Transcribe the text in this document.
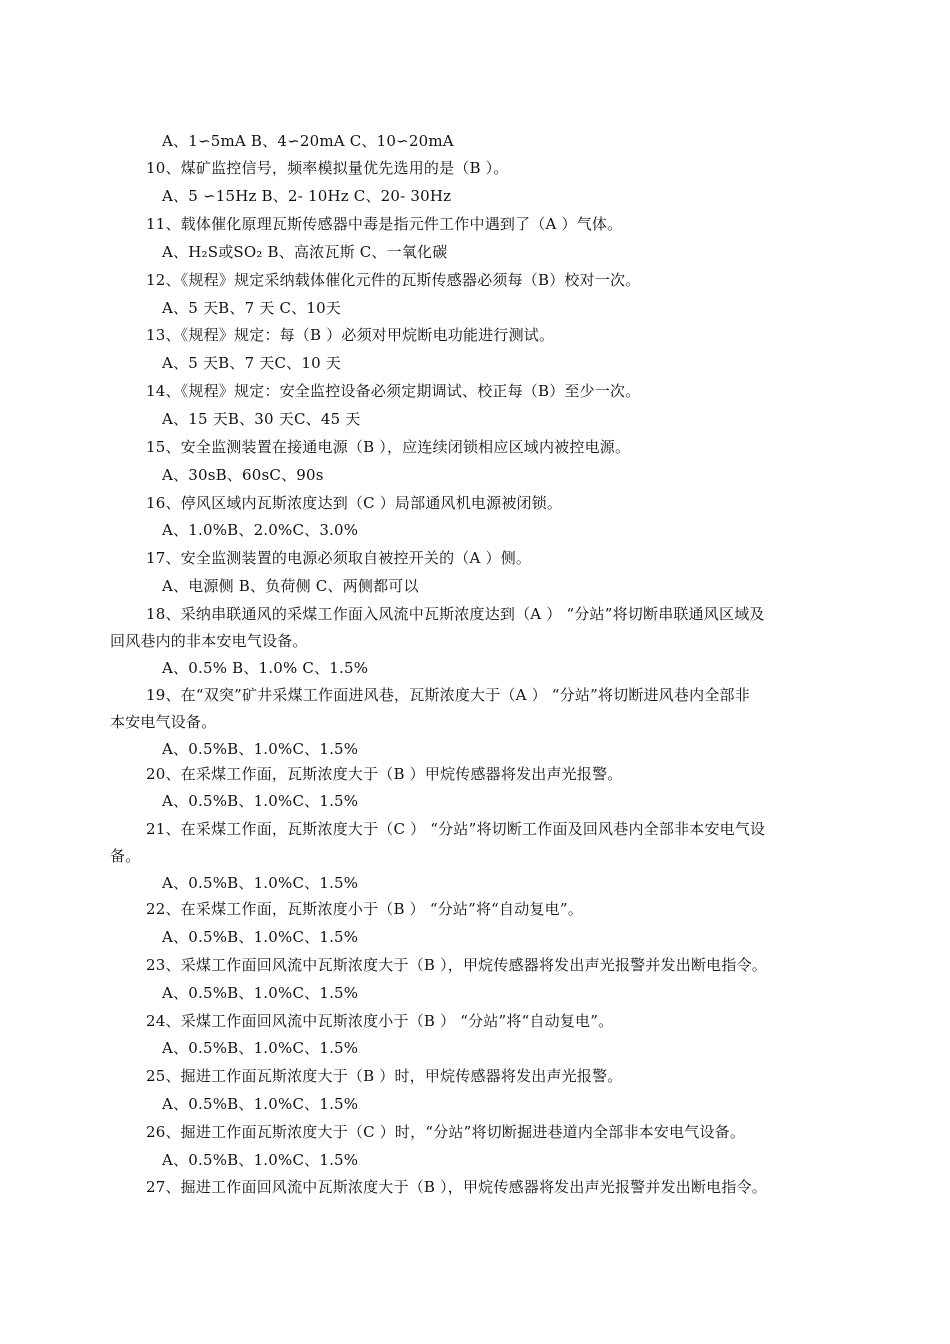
A、1∽5mA B、4∽20mA C、10∽20mA
10、煤矿监控信号，频率模拟量优先选用的是（B ）。
A、5 ∽15Hz B、2- 10Hz C、20- 30Hz
11、载体催化原理瓦斯传感器中毒是指元件工作中遇到了（A ）气体。
A、H₂S或SO₂ B、高浓瓦斯 C、一氧化碳
12、《规程》规定采纳载体催化元件的瓦斯传感器必须每（B）校对一次。
A、5 天B、7 天 C、10天
13、《规程》规定：每（B ）必须对甲烷断电功能进行测试。
A、5 天B、7 天C、10 天
14、《规程》规定：安全监控设备必须定期调试、校正每（B）至少一次。
A、15 天B、30 天C、45 天
15、安全监测装置在接通电源（B ），应连续闭锁相应区域内被控电源。
A、30sB、60sC、90s
16、停风区域内瓦斯浓度达到（C ）局部通风机电源被闭锁。
A、1.0%B、2.0%C、3.0%
17、安全监测装置的电源必须取自被控开关的（A ）侧。
A、电源侧 B、负荷侧 C、两侧都可以
18、采纳串联通风的采煤工作面入风流中瓦斯浓度达到（A ） “分站”将切断串联通风区域及
回风巷内的非本安电气设备。
A、0.5% B、1.0% C、1.5%
19、在“双突”矿井采煤工作面进风巷，瓦斯浓度大于（A ） “分站”将切断进风巷内全部非
本安电气设备。
A、0.5%B、1.0%C、1.5%
20、在采煤工作面，瓦斯浓度大于（B ）甲烷传感器将发出声光报警。
A、0.5%B、1.0%C、1.5%
21、在采煤工作面，瓦斯浓度大于（C ） “分站”将切断工作面及回风巷内全部非本安电气设
备。
A、0.5%B、1.0%C、1.5%
22、在采煤工作面，瓦斯浓度小于（B ） “分站”将“自动复电”。
A、0.5%B、1.0%C、1.5%
23、采煤工作面回风流中瓦斯浓度大于（B ），甲烷传感器将发出声光报警并发出断电指令。
A、0.5%B、1.0%C、1.5%
24、采煤工作面回风流中瓦斯浓度小于（B ） “分站”将“自动复电”。
A、0.5%B、1.0%C、1.5%
25、掘进工作面瓦斯浓度大于（B ）时，甲烷传感器将发出声光报警。
A、0.5%B、1.0%C、1.5%
26、掘进工作面瓦斯浓度大于（C ）时，“分站”将切断掘进巷道内全部非本安电气设备。
A、0.5%B、1.0%C、1.5%
27、掘进工作面回风流中瓦斯浓度大于（B ），甲烷传感器将发出声光报警并发出断电指令。
